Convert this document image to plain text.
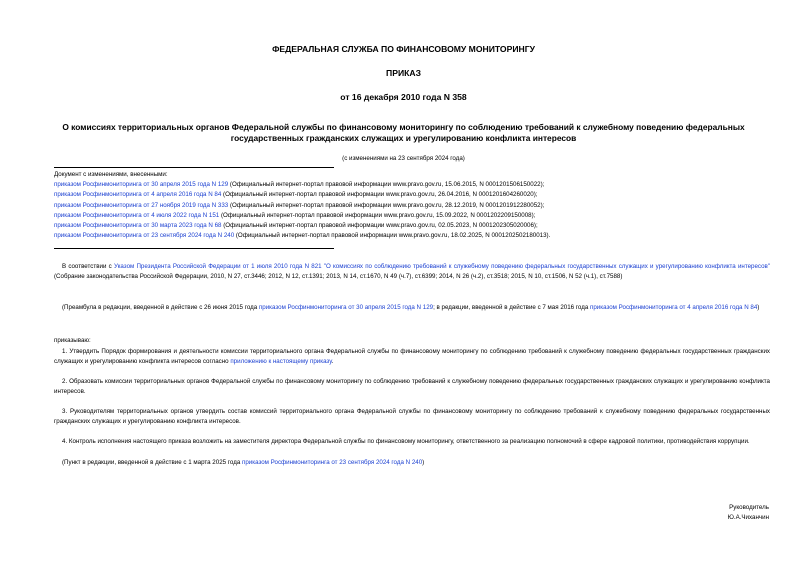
ФЕДЕРАЛЬНАЯ СЛУЖБА ПО ФИНАНСОВОМУ МОНИТОРИНГУ
ПРИКАЗ
от 16 декабря 2010 года N 358
О комиссиях территориальных органов Федеральной службы по финансовому мониторингу по соблюдению требований к служебному поведению федеральных государственных гражданских служащих и урегулированию конфликта интересов
(с изменениями на 23 сентября 2024 года)
Документ с изменениями, внесенными:
приказом Росфинмониторинга от 30 апреля 2015 года N 129 (Официальный интернет-портал правовой информации www.pravo.gov.ru, 15.06.2015, N 0001201506150022);
приказом Росфинмониторинга от 4 апреля 2016 года N 84 (Официальный интернет-портал правовой информации www.pravo.gov.ru, 26.04.2016, N 0001201604260020);
приказом Росфинмониторинга от 27 ноября 2019 года N 333 (Официальный интернет-портал правовой информации www.pravo.gov.ru, 28.12.2019, N 0001201912280052);
приказом Росфинмониторинга от 4 июля 2022 года N 151 (Официальный интернет-портал правовой информации www.pravo.gov.ru, 15.09.2022, N 0001202209150008);
приказом Росфинмониторинга от 30 марта 2023 года N 68 (Официальный интернет-портал правовой информации www.pravo.gov.ru, 02.05.2023, N 0001202305020006);
приказом Росфинмониторинга от 23 сентября 2024 года N 240 (Официальный интернет-портал правовой информации www.pravo.gov.ru, 18.02.2025, N 0001202502180013).
В соответствии с Указом Президента Российской Федерации от 1 июля 2010 года N 821 "О комиссиях по соблюдению требований к служебному поведению федеральных государственных служащих и урегулированию конфликта интересов" (Собрание законодательства Российской Федерации, 2010, N 27, ст.3446; 2012, N 12, ст.1391; 2013, N 14, ст.1670, N 49 (ч.7), ст.6399; 2014, N 26 (ч.2), ст.3518; 2015, N 10, ст.1506, N 52 (ч.1), ст.7588)
(Преамбула в редакции, введенной в действие с 26 июня 2015 года приказом Росфинмониторинга от 30 апреля 2015 года N 129; в редакции, введенной в действие с 7 мая 2016 года приказом Росфинмониторинга от 4 апреля 2016 года N 84)
приказываю:
1. Утвердить Порядок формирования и деятельности комиссии территориального органа Федеральной службы по финансовому мониторингу по соблюдению требований к служебному поведению федеральных государственных гражданских служащих и урегулированию конфликта интересов согласно приложению к настоящему приказу.
2. Образовать комиссии территориальных органов Федеральной службы по финансовому мониторингу по соблюдению требований к служебному поведению федеральных государственных гражданских служащих и урегулированию конфликта интересов.
3. Руководителям территориальных органов утвердить состав комиссий территориального органа Федеральной службы по финансовому мониторингу по соблюдению требований к служебному поведению федеральных государственных гражданских служащих и урегулированию конфликта интересов.
4. Контроль исполнения настоящего приказа возложить на заместителя директора Федеральной службы по финансовому мониторингу, ответственного за реализацию полномочий в сфере кадровой политики, противодействия коррупции.
(Пункт в редакции, введенной в действие с 1 марта 2025 года приказом Росфинмониторинга от 23 сентября 2024 года N 240)
Руководитель
Ю.А.Чиханчин
